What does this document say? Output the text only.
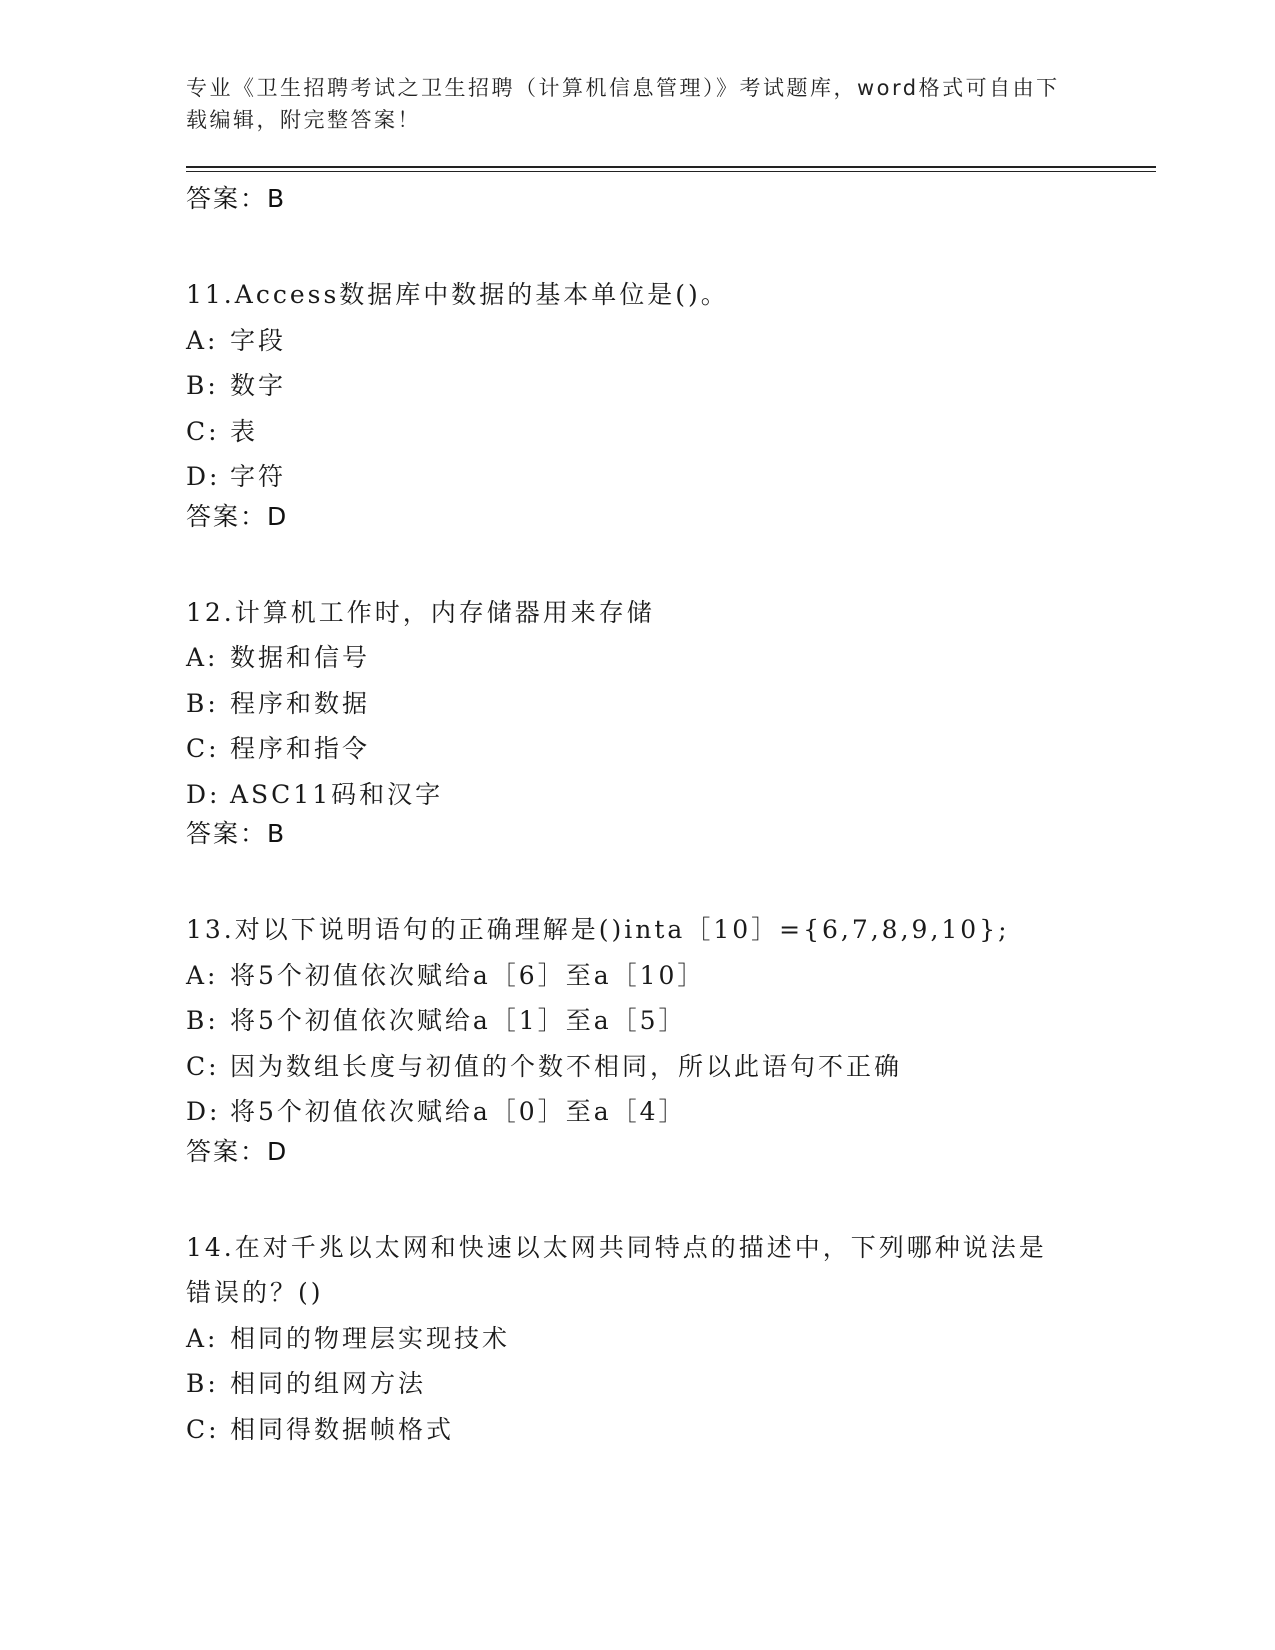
专业《卫生招聘考试之卫生招聘（计算机信息管理）》考试题库，word格式可自由下载编辑，附完整答案！
答案：B
11.Access数据库中数据的基本单位是()。
A: 字段
B: 数字
C: 表
D: 字符
答案：D
12.计算机工作时，内存储器用来存储
A: 数据和信号
B: 程序和数据
C: 程序和指令
D: ASC11码和汉字
答案：B
13.对以下说明语句的正确理解是()inta［10］={6,7,8,9,10};
A: 将5个初值依次赋给a［6］至a［10］
B: 将5个初值依次赋给a［1］至a［5］
C: 因为数组长度与初值的个数不相同，所以此语句不正确
D: 将5个初值依次赋给a［0］至a［4］
答案：D
14.在对千兆以太网和快速以太网共同特点的描述中，下列哪种说法是错误的？()
A: 相同的物理层实现技术
B: 相同的组网方法
C: 相同得数据帧格式
